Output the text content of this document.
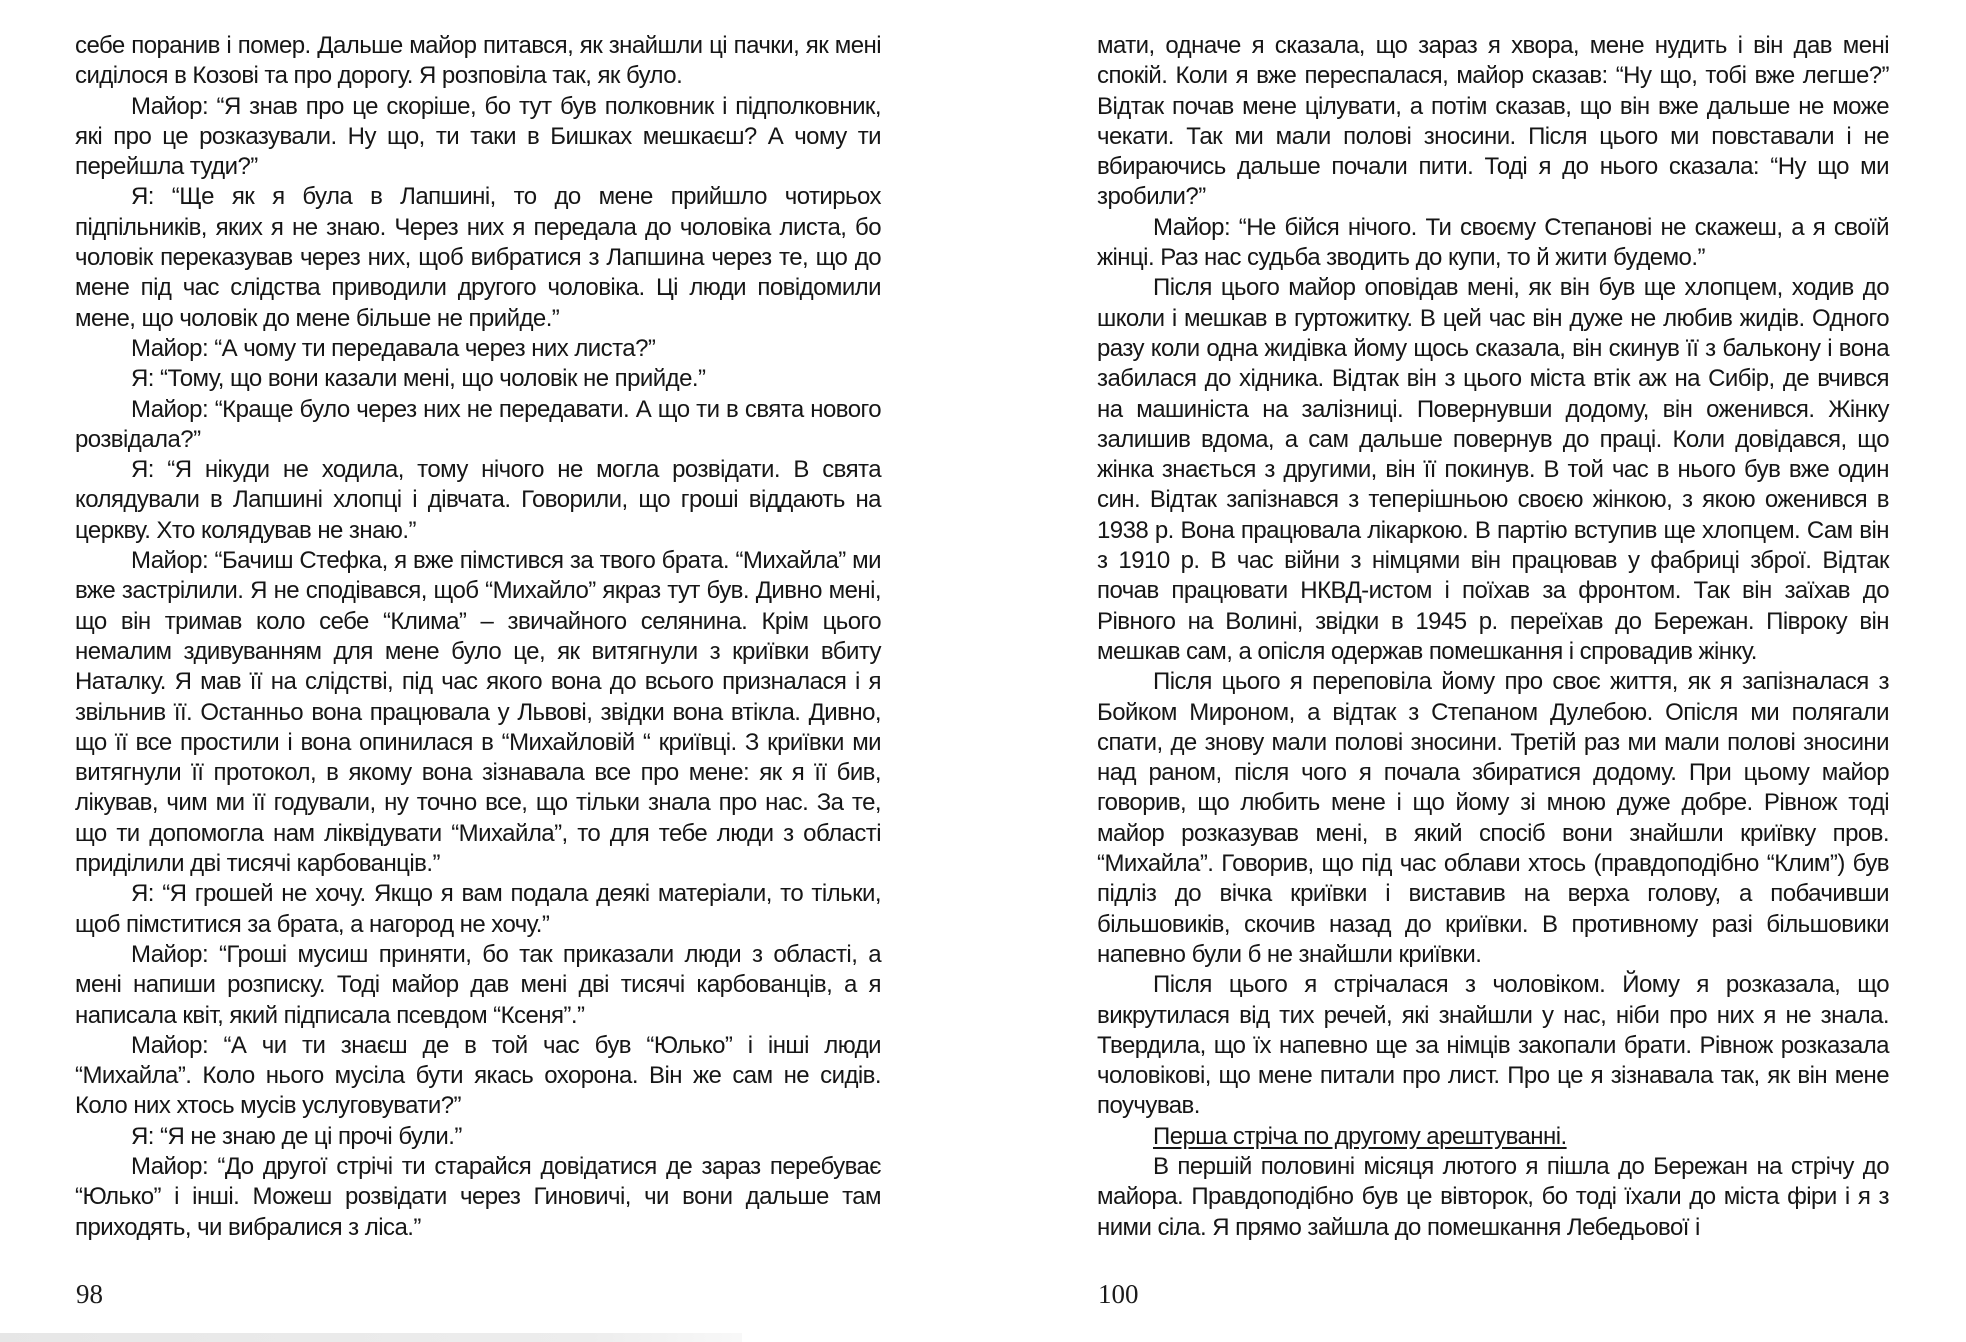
себе поранив і помер. Дальше майор питався, як знайшли ці пачки, як мені сиділося в Козові та про дорогу. Я розповіла так, як було.

Майор: “Я знав про це скоріше, бо тут був полковник і підполковник, які про це розказували. Ну що, ти таки в Бишках мешкаєш? А чому ти перейшла туди?”

Я: “Ще як я була в Лапшині, то до мене прийшло чотирьох підпільників, яких я не знаю. Через них я передала до чоловіка листа, бо чоловік переказував через них, щоб вибратися з Лапшина через те, що до мене під час слідства приводили другого чоловіка. Ці люди повідомили мене, що чоловік до мене більше не прийде.”

Майор: “А чому ти передавала через них листа?”

Я: “Тому, що вони казали мені, що чоловік не прийде.”

Майор: “Краще було через них не передавати. А що ти в свята нового розвідала?”

Я: “Я нікуди не ходила, тому нічого не могла розвідати. В свята колядували в Лапшині хлопці і дівчата. Говорили, що гроші віддають на церкву. Хто колядував не знаю.”

Майор: “Бачиш Стефка, я вже пімстився за твого брата. “Михайла” ми вже застрілили. Я не сподівався, щоб “Михайло” якраз тут був. Дивно мені, що він тримав коло себе “Клима” – звичайного селянина. Крім цього немалим здивуванням для мене було це, як витягнули з криївки вбиту Наталку. Я мав її на слідстві, під час якого вона до всього призналася і я звільнив її. Останньо вона працювала у Львові, звідки вона втікла. Дивно, що її все простили і вона опинилася в “Михайловій “ криївці. З криївки ми витягнули її протокол, в якому вона зізнавала все про мене: як я її бив, лікував, чим ми її годували, ну точно все, що тільки знала про нас. За те, що ти допомогла нам ліквідувати “Михайла”, то для тебе люди з області приділили дві тисячі карбованців.”

Я: “Я грошей не хочу. Якщо я вам подала деякі матеріали, то тільки, щоб пімститися за брата, а нагород не хочу.”

Майор: “Гроші мусиш приняти, бо так приказали люди з області, а мені напиши розписку. Тоді майор дав мені дві тисячі карбованців, а я написала квіт, який підписала псевдом “Ксеня”.”

Майор: “А чи ти знаєш де в той час був “Юлько” і інші люди “Михайла”. Коло нього мусіла бути якась охорона. Він же сам не сидів. Коло них хтось мусів услуговувати?”

Я: “Я не знаю де ці прочі були.”

Майор: “До другої стрічі ти старайся довідатися де зараз перебуває “Юлько” і інші. Можеш розвідати через Гиновичі, чи вони дальше там приходять, чи вибралися з ліса.”

98

мати, одначе я сказала, що зараз я хвора, мене нудить і він дав мені спокій. Коли я вже переспалася, майор сказав: “Ну що, тобі вже легше?” Відтак почав мене цілувати, а потім сказав, що він вже дальше не може чекати. Так ми мали полові зносини. Після цього ми повставали і не вбираючись дальше почали пити. Тоді я до нього сказала: “Ну що ми зробили?”

Майор: “Не бійся нічого. Ти своєму Степанові не скажеш, а я своїй жінці. Раз нас судьба зводить до купи, то й жити будемо.”

Після цього майор оповідав мені, як він був ще хлопцем, ходив до школи і мешкав в гуртожитку. В цей час він дуже не любив жидів. Одного разу коли одна жидівка йому щось сказала, він скинув її з балькону і вона забилася до хідника. Відтак він з цього міста втік аж на Сибір, де вчився на машиніста на залізниці. Повернувши додому, він оженився. Жінку залишив вдома, а сам дальше повернув до праці. Коли довідався, що жінка знається з другими, він її покинув. В той час в нього був вже один син. Відтак запізнався з теперішньою своєю жінкою, з якою оженився в 1938 р. Вона працювала лікаркою. В партію вступив ще хлопцем. Сам він з 1910 р. В час війни з німцями він працював у фабриці зброї. Відтак почав працювати НКВД-истом і поїхав за фронтом. Так він заїхав до Рівного на Волині, звідки в 1945 р. переїхав до Бережан. Півроку він мешкав сам, а опісля одержав помешкання і спровадив жінку.

Після цього я переповіла йому про своє життя, як я запізналася з Бойком Мироном, а відтак з Степаном Дулебою. Опісля ми полягали спати, де знову мали полові зносини. Третій раз ми мали полові зносини над раном, після чого я почала збиратися додому. При цьому майор говорив, що любить мене і що йому зі мною дуже добре. Рівнож тоді майор розказував мені, в який спосіб вони знайшли криївку пров. “Михайла”. Говорив, що під час облави хтось (правдоподібно “Клим”) був підліз до вічка криївки і виставив на верха голову, а побачивши більшовиків, скочив назад до криївки. В противному разі більшовики напевно були б не знайшли криївки.

Після цього я стрічалася з чоловіком. Йому я розказала, що викрутилася від тих речей, які знайшли у нас, ніби про них я не знала. Твердила, що їх напевно ще за німців закопали брати. Рівнож розказала чоловікові, що мене питали про лист. Про це я зізнавала так, як він мене поучував.

Перша стріча по другому арештуванні.

В першій половині місяця лютого я пішла до Бережан на стрічу до майора. Правдоподібно був це вівторок, бо тоді їхали до міста фіри і я з ними сіла. Я прямо зайшла до помешкання Лебедьової і

100
